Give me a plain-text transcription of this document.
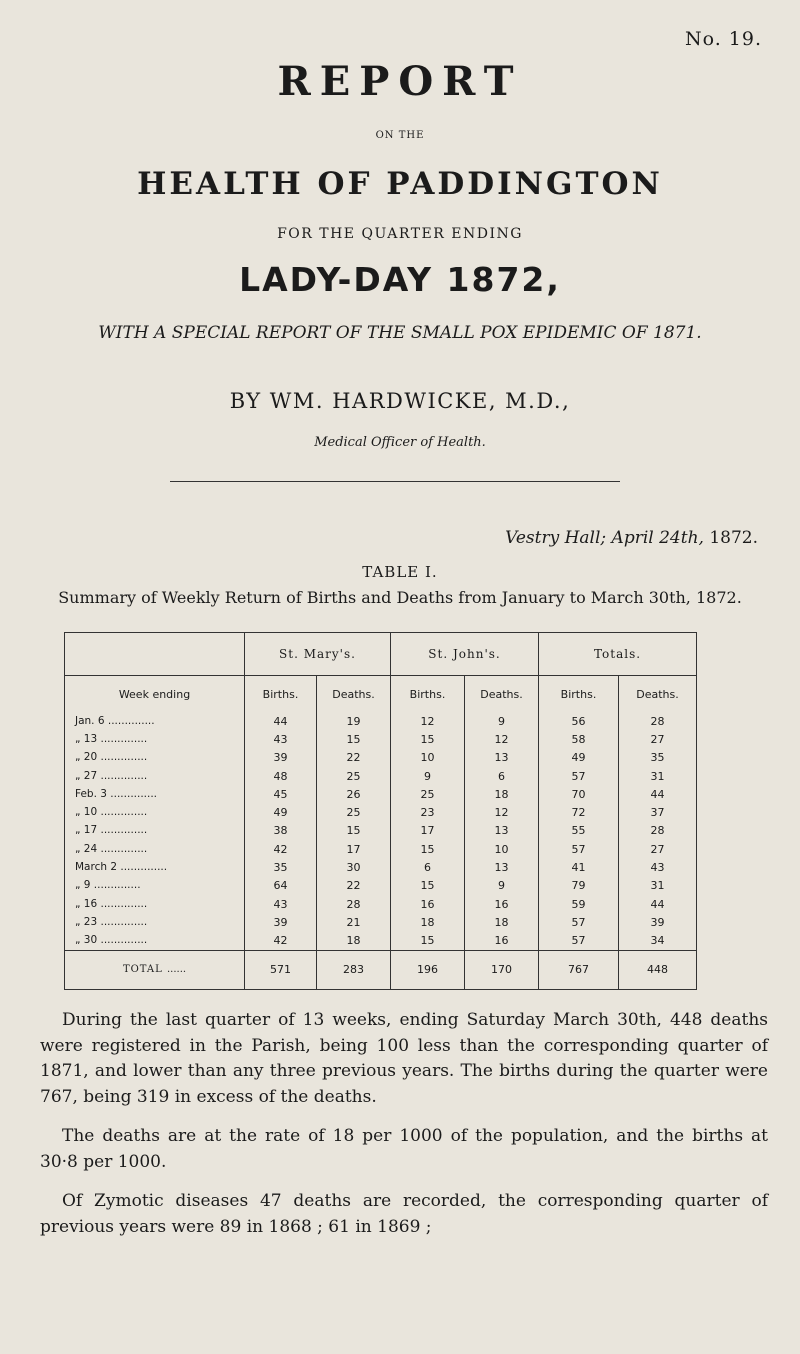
No. 19.
REPORT
ON THE
HEALTH OF PADDINGTON
FOR THE QUARTER ENDING
LADY-DAY 1872,
WITH A SPECIAL REPORT OF THE SMALL POX EPIDEMIC OF 1871.
BY WM. HARDWICKE, M.D.,
Medical Officer of Health.
Vestry Hall; April 24th, 1872.
TABLE I.
Summary of Weekly Return of Births and Deaths from January to March 30th, 1872.
	St. Mary's.		St. John's.		Totals.	
Week ending	Births.	Deaths.	Births.	Deaths.	Births.	Deaths.
Jan. 6 ..............	44	19	12	9	56	28
„ 13 ..............	43	15	15	12	58	27
„ 20 ..............	39	22	10	13	49	35
„ 27 ..............	48	25	9	6	57	31
Feb. 3 ..............	45	26	25	18	70	44
„ 10 ..............	49	25	23	12	72	37
„ 17 ..............	38	15	17	13	55	28
„ 24 ..............	42	17	15	10	57	27
March 2 ..............	35	30	6	13	41	43
„ 9 ..............	64	22	15	9	79	31
„ 16 ..............	43	28	16	16	59	44
„ 23 ..............	39	21	18	18	57	39
„ 30 ..............	42	18	15	16	57	34
TOTAL ......	571	283	196	170	767	448

During the last quarter of 13 weeks, ending Saturday March 30th, 448 deaths were registered in the Parish, being 100 less than the corresponding quarter of 1871, and lower than any three previous years. The births during the quarter were 767, being 319 in excess of the deaths.

The deaths are at the rate of 18 per 1000 of the population, and the births at 30·8 per 1000.

Of Zymotic diseases 47 deaths are recorded, the corresponding quarter of previous years were 89 in 1868 ; 61 in 1869 ;
